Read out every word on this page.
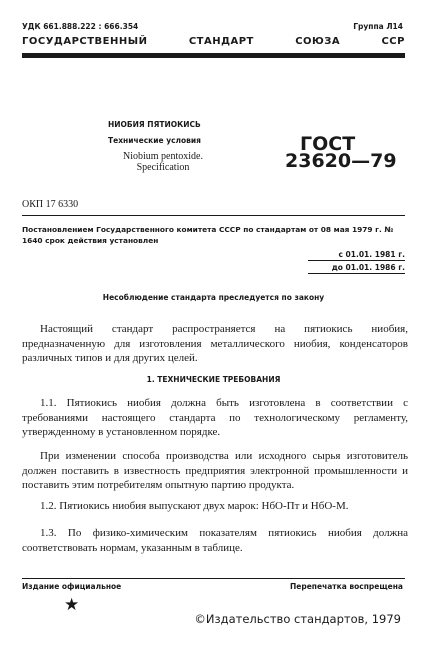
УДК 661.888.222 : 666.354	Группа Л14
ГОСУДАРСТВЕННЫЙ	СТАНДАРТ	СОЮЗА	ССР
НИОБИЯ ПЯТИОКИСЬ
Технические условия
Niobium pentoxide.
Specification
ГОСТ
23620—79
ОКП 17 6330
Постановлением Государственного комитета СССР по стандартам от 08 мая 1979 г. № 1640 срок действия установлен
с 01.01. 1981 г.
до 01.01. 1986 г.
Несоблюдение стандарта преследуется по закону
Настоящий стандарт распространяется на пятиокись ниобия, предназначенную для изготовления металлического ниобия, конденсаторов различных типов и для других целей.
1. ТЕХНИЧЕСКИЕ ТРЕБОВАНИЯ
1.1. Пятиокись ниобия должна быть изготовлена в соответствии с требованиями настоящего стандарта по технологическому регламенту, утвержденному в установленном порядке.
При изменении способа производства или исходного сырья изготовитель должен поставить в известность предприятия электронной промышленности и поставить этим потребителям опытную партию продукта.
1.2. Пятиокись ниобия выпускают двух марок: НбО-Пт и НбО-М.
1.3. По физико-химическим показателям пятиокись ниобия должна соответствовать нормам, указанным в таблице.
Издание официальное	Перепечатка воспрещена
★
©Издательство стандартов, 1979
